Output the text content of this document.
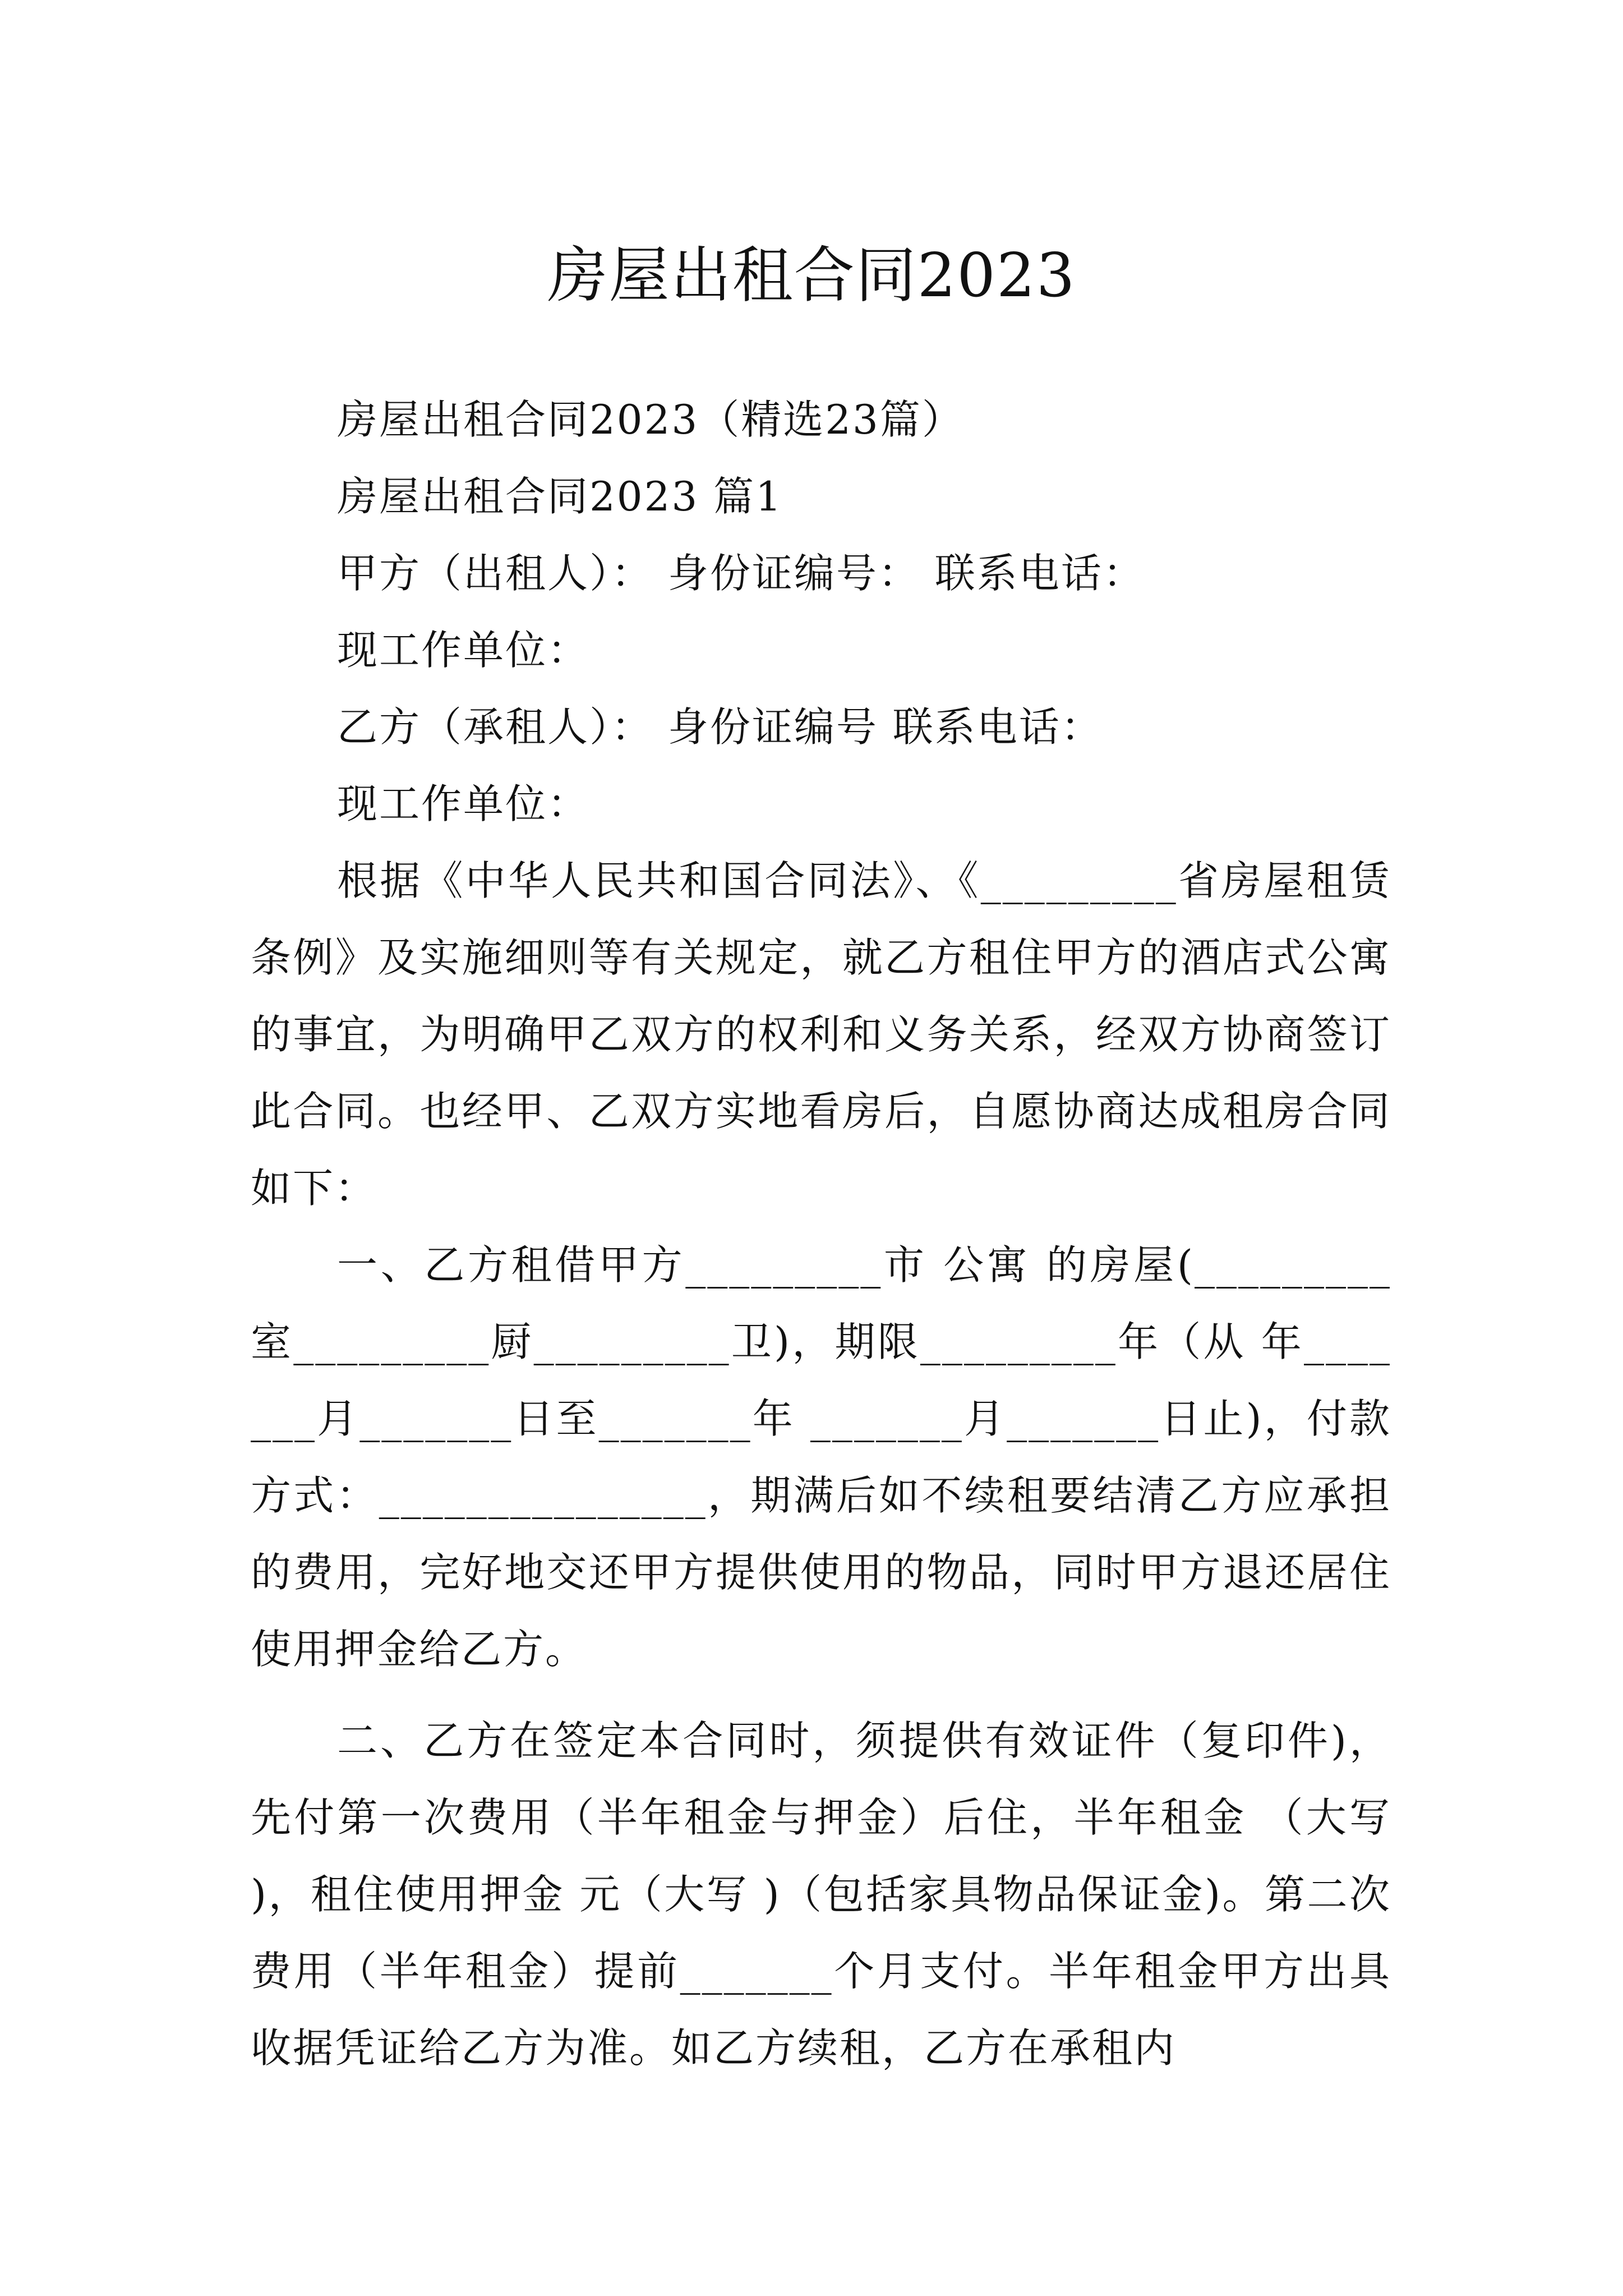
房屋出租合同2023

房屋出租合同2023（精选23篇）

房屋出租合同2023 篇1

甲方（出租人）： 身份证编号： 联系电话：

现工作单位：

乙方（承租人）： 身份证编号 联系电话：

现工作单位：

根据《中华人民共和国合同法》、《_________省房屋租赁条例》及实施细则等有关规定，就乙方租住甲方的酒店式公寓的事宜，为明确甲乙双方的权利和义务关系，经双方协商签订此合同。也经甲、乙双方实地看房后，自愿协商达成租房合同如下：

一、乙方租借甲方_________市 公寓 的房屋(_________室_________厨_________卫)，期限_________年（从 年_______月_______日至_______年 _______月_______日止)，付款方式：_______________，期满后如不续租要结清乙方应承担的费用，完好地交还甲方提供使用的物品，同时甲方退还居住使用押金给乙方。

二、乙方在签定本合同时，须提供有效证件（复印件)，先付第一次费用（半年租金与押金）后住，半年租金 （大写 )，租住使用押金 元（大写 )（包括家具物品保证金)。第二次费用（半年租金）提前_______个月支付。半年租金甲方出具收据凭证给乙方为准。如乙方续租，乙方在承租内
